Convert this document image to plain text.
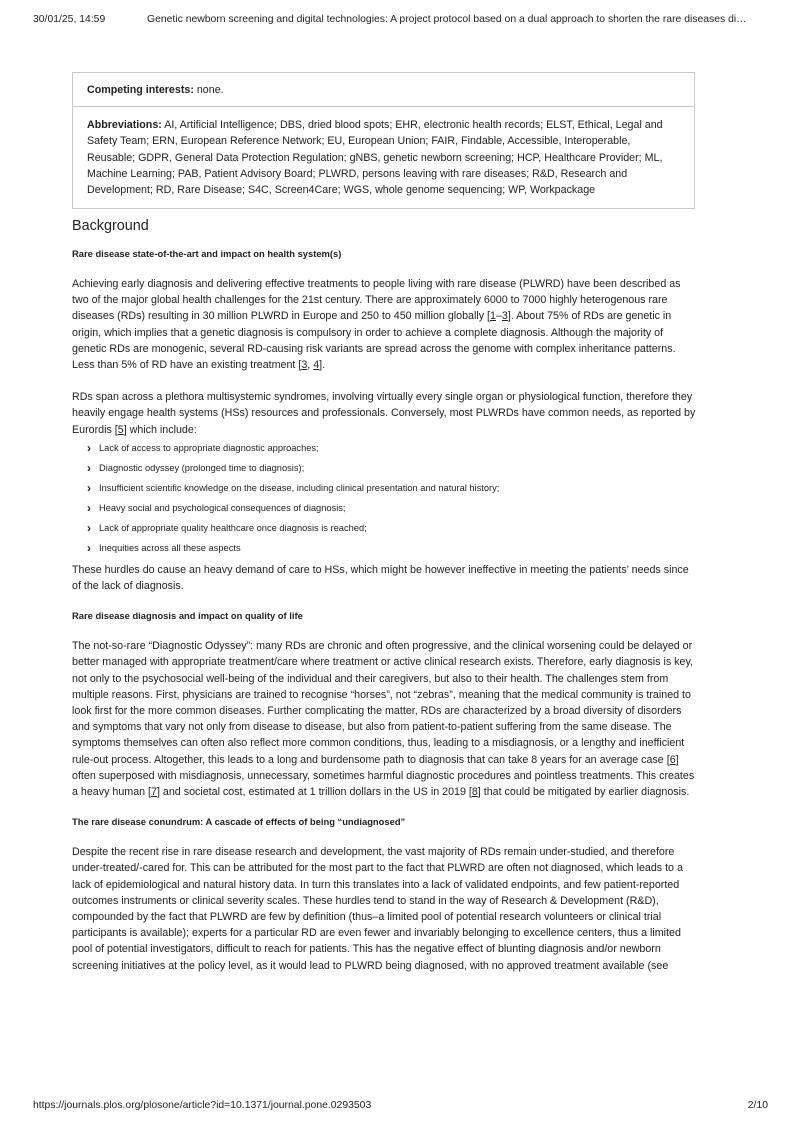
30/01/25, 14:59	Genetic newborn screening and digital technologies: A project protocol based on a dual approach to shorten the rare diseases di…
Competing interests: none.
Abbreviations: AI, Artificial Intelligence; DBS, dried blood spots; EHR, electronic health records; ELST, Ethical, Legal and Safety Team; ERN, European Reference Network; EU, European Union; FAIR, Findable, Accessible, Interoperable, Reusable; GDPR, General Data Protection Regulation; gNBS, genetic newborn screening; HCP, Healthcare Provider; ML, Machine Learning; PAB, Patient Advisory Board; PLWRD, persons leaving with rare diseases; R&D, Research and Development; RD, Rare Disease; S4C, Screen4Care; WGS, whole genome sequencing; WP, Workpackage
Background
Rare disease state-of-the-art and impact on health system(s)

Achieving early diagnosis and delivering effective treatments to people living with rare disease (PLWRD) have been described as two of the major global health challenges for the 21st century. There are approximately 6000 to 7000 highly heterogenous rare diseases (RDs) resulting in 30 million PLWRD in Europe and 250 to 450 million globally [1–3]. About 75% of RDs are genetic in origin, which implies that a genetic diagnosis is compulsory in order to achieve a complete diagnosis. Although the majority of genetic RDs are monogenic, several RD-causing risk variants are spread across the genome with complex inheritance patterns. Less than 5% of RD have an existing treatment [3, 4].

RDs span across a plethora multisystemic syndromes, involving virtually every single organ or physiological function, therefore they heavily engage health systems (HSs) resources and professionals. Conversely, most PLWRDs have common needs, as reported by Eurordis [5] which include:

› Lack of access to appropriate diagnostic approaches;
› Diagnostic odyssey (prolonged time to diagnosis);
› Insufficient scientific knowledge on the disease, including clinical presentation and natural history;
› Heavy social and psychological consequences of diagnosis;
› Lack of appropriate quality healthcare once diagnosis is reached;
› Inequities across all these aspects

These hurdles do cause an heavy demand of care to HSs, which might be however ineffective in meeting the patients’ needs since of the lack of diagnosis.

Rare disease diagnosis and impact on quality of life

The not-so-rare “Diagnostic Odyssey”: many RDs are chronic and often progressive, and the clinical worsening could be delayed or better managed with appropriate treatment/care where treatment or active clinical research exists. Therefore, early diagnosis is key, not only to the psychosocial well-being of the individual and their caregivers, but also to their health. The challenges stem from multiple reasons. First, physicians are trained to recognise “horses”, not “zebras”, meaning that the medical community is trained to look first for the more common diseases. Further complicating the matter, RDs are characterized by a broad diversity of disorders and symptoms that vary not only from disease to disease, but also from patient-to-patient suffering from the same disease. The symptoms themselves can often also reflect more common conditions, thus, leading to a misdiagnosis, or a lengthy and inefficient rule-out process. Altogether, this leads to a long and burdensome path to diagnosis that can take 8 years for an average case [6] often superposed with misdiagnosis, unnecessary, sometimes harmful diagnostic procedures and pointless treatments. This creates a heavy human [7] and societal cost, estimated at 1 trillion dollars in the US in 2019 [8] that could be mitigated by earlier diagnosis.

The rare disease conundrum: A cascade of effects of being “undiagnosed”

Despite the recent rise in rare disease research and development, the vast majority of RDs remain under-studied, and therefore under-treated/-cared for. This can be attributed for the most part to the fact that PLWRD are often not diagnosed, which leads to a lack of epidemiological and natural history data. In turn this translates into a lack of validated endpoints, and few patient-reported outcomes instruments or clinical severity scales. These hurdles tend to stand in the way of Research & Development (R&D), compounded by the fact that PLWRD are few by definition (thus–a limited pool of potential research volunteers or clinical trial participants is available); experts for a particular RD are even fewer and invariably belonging to excellence centers, thus a limited pool of potential investigators, difficult to reach for patients. This has the negative effect of blunting diagnosis and/or newborn screening initiatives at the policy level, as it would lead to PLWRD being diagnosed, with no approved treatment available (see

https://journals.plos.org/plosone/article?id=10.1371/journal.pone.0293503	2/10
